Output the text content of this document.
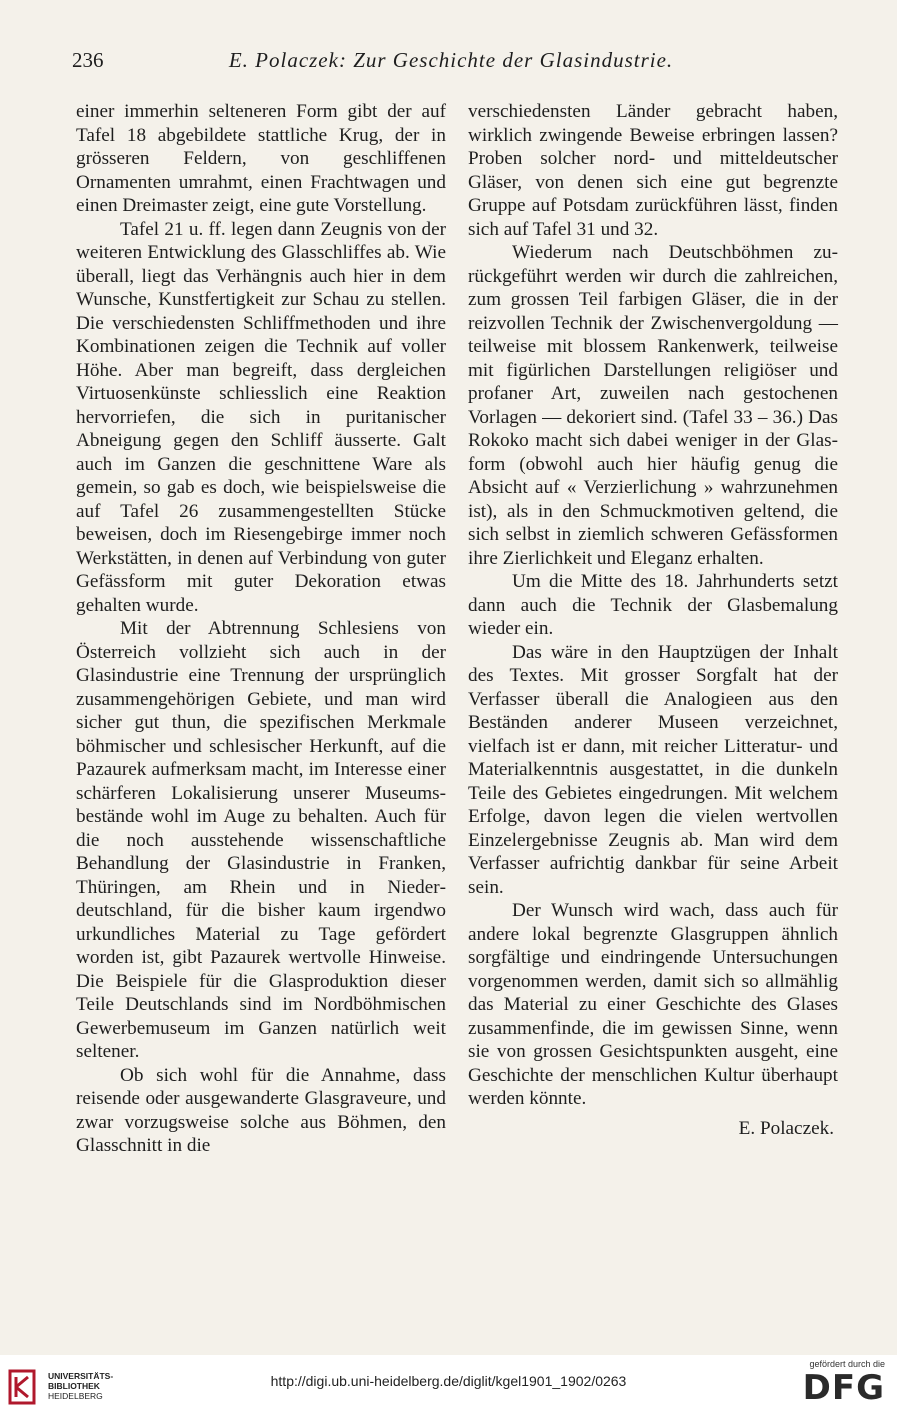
236	E. Polaczek: Zur Geschichte der Glasindustrie.

einer immerhin selteneren Form gibt der auf Tafel 18 abgebildete stattliche Krug, der in grösseren Feldern, von geschliffenen Ornamenten umrahmt, einen Frachtwagen und einen Dreimaster zeigt, eine gute Vorstellung.

Tafel 21 u. ff. legen dann Zeugnis von der weiteren Entwicklung des Glasschliffes ab. Wie überall, liegt das Verhängnis auch hier in dem Wunsche, Kunstfertigkeit zur Schau zu stellen. Die verschiedensten Schliffmethoden und ihre Kombinationen zeigen die Technik auf voller Höhe. Aber man begreift, dass dergleichen Virtuosenkünste schliesslich eine Reaktion hervorriefen, die sich in puritanischer Abneigung gegen den Schliff äusserte. Galt auch im Ganzen die geschnittene Ware als gemein, so gab es doch, wie beispielsweise die auf Tafel 26 zusammengestellten Stücke beweisen, doch im Riesengebirge immer noch Werkstätten, in denen auf Verbindung von guter Gefässform mit guter Dekoration etwas gehalten wurde.

Mit der Abtrennung Schlesiens von Österreich vollzieht sich auch in der Glasindustrie eine Trennung der ursprünglich zusammengehörigen Gebiete, und man wird sicher gut thun, die spezifischen Merkmale böhmischer und schlesischer Herkunft, auf die Pazaurek aufmerksam macht, im Interesse einer schärferen Lokalisierung unserer Museumsbestände wohl im Auge zu behalten. Auch für die noch ausstehende wissenschaftliche Behandlung der Glasindustrie in Franken, Thüringen, am Rhein und in Niederdeutschland, für die bisher kaum irgendwo urkundliches Material zu Tage gefördert worden ist, gibt Pazaurek wertvolle Hinweise. Die Beispiele für die Glasproduktion dieser Teile Deutschlands sind im Nordböhmischen Gewerbemuseum im Ganzen natürlich weit seltener.

Ob sich wohl für die Annahme, dass reisende oder ausgewanderte Glasgraveure, und zwar vorzugsweise solche aus Böhmen, den Glasschnitt in die

verschiedensten Länder gebracht haben, wirklich zwingende Beweise erbringen lassen? Proben solcher nord- und mitteldeutscher Gläser, von denen sich eine gut begrenzte Gruppe auf Potsdam zurückführen lässt, finden sich auf Tafel 31 und 32.

Wiederum nach Deutschböhmen zurückgeführt werden wir durch die zahlreichen, zum grossen Teil farbigen Gläser, die in der reizvollen Technik der Zwischenvergoldung — teilweise mit blossem Rankenwerk, teilweise mit figürlichen Darstellungen religiöser und profaner Art, zuweilen nach gestochenen Vorlagen — dekoriert sind. (Tafel 33 – 36.) Das Rokoko macht sich dabei weniger in der Glasform (obwohl auch hier häufig genug die Absicht auf « Verzierlichung » wahrzunehmen ist), als in den Schmuckmotiven geltend, die sich selbst in ziemlich schweren Gefässformen ihre Zierlichkeit und Eleganz erhalten.

Um die Mitte des 18. Jahrhunderts setzt dann auch die Technik der Glasbemalung wieder ein.

Das wäre in den Hauptzügen der Inhalt des Textes. Mit grosser Sorgfalt hat der Verfasser überall die Analogieen aus den Beständen anderer Museen verzeichnet, vielfach ist er dann, mit reicher Litteratur- und Materialkenntnis ausgestattet, in die dunkeln Teile des Gebietes eingedrungen. Mit welchem Erfolge, davon legen die vielen wertvollen Einzelergebnisse Zeugnis ab. Man wird dem Verfasser aufrichtig dankbar für seine Arbeit sein.

Der Wunsch wird wach, dass auch für andere lokal begrenzte Glasgruppen ähnlich sorgfältige und eindringende Untersuchungen vorgenommen werden, damit sich so allmählig das Material zu einer Geschichte des Glases zusammenfinde, die im gewissen Sinne, wenn sie von grossen Gesichtspunkten ausgeht, eine Geschichte der menschlichen Kultur überhaupt werden könnte.

E. Polaczek.
UNIVERSITÄTS-
BIBLIOTHEK
HEIDELBERG
http://digi.ub.uni-heidelberg.de/diglit/kgel1901_1902/0263
gefördert durch die
DFG
